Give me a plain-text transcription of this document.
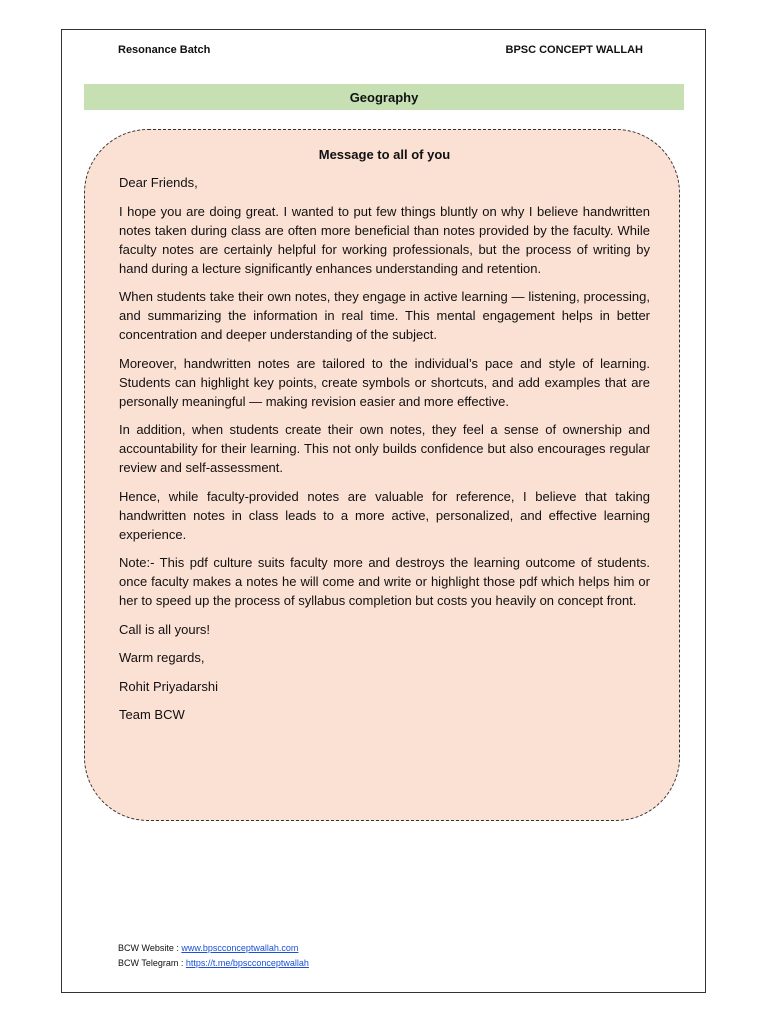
Resonance Batch	BPSC CONCEPT WALLAH
Geography
Message to all of you

Dear Friends,

I hope you are doing great. I wanted to put few things bluntly on why I believe handwritten notes taken during class are often more beneficial than notes provided by the faculty. While faculty notes are certainly helpful for working professionals, but the process of writing by hand during a lecture significantly enhances understanding and retention.

When students take their own notes, they engage in active learning — listening, processing, and summarizing the information in real time. This mental engagement helps in better concentration and deeper understanding of the subject.

Moreover, handwritten notes are tailored to the individual’s pace and style of learning. Students can highlight key points, create symbols or shortcuts, and add examples that are personally meaningful — making revision easier and more effective.

In addition, when students create their own notes, they feel a sense of ownership and accountability for their learning. This not only builds confidence but also encourages regular review and self-assessment.

Hence, while faculty-provided notes are valuable for reference, I believe that taking handwritten notes in class leads to a more active, personalized, and effective learning experience.

Note:- This pdf culture suits faculty more and destroys the learning outcome of students. once faculty makes a notes he will come and write or highlight those pdf which helps him or her to speed up the process of syllabus completion but costs you heavily on concept front.

Call is all yours!

Warm regards,

Rohit Priyadarshi

Team BCW

BCW Website : www.bpscconceptwallah.com
BCW Telegram : https://t.me/bpscconceptwallah
